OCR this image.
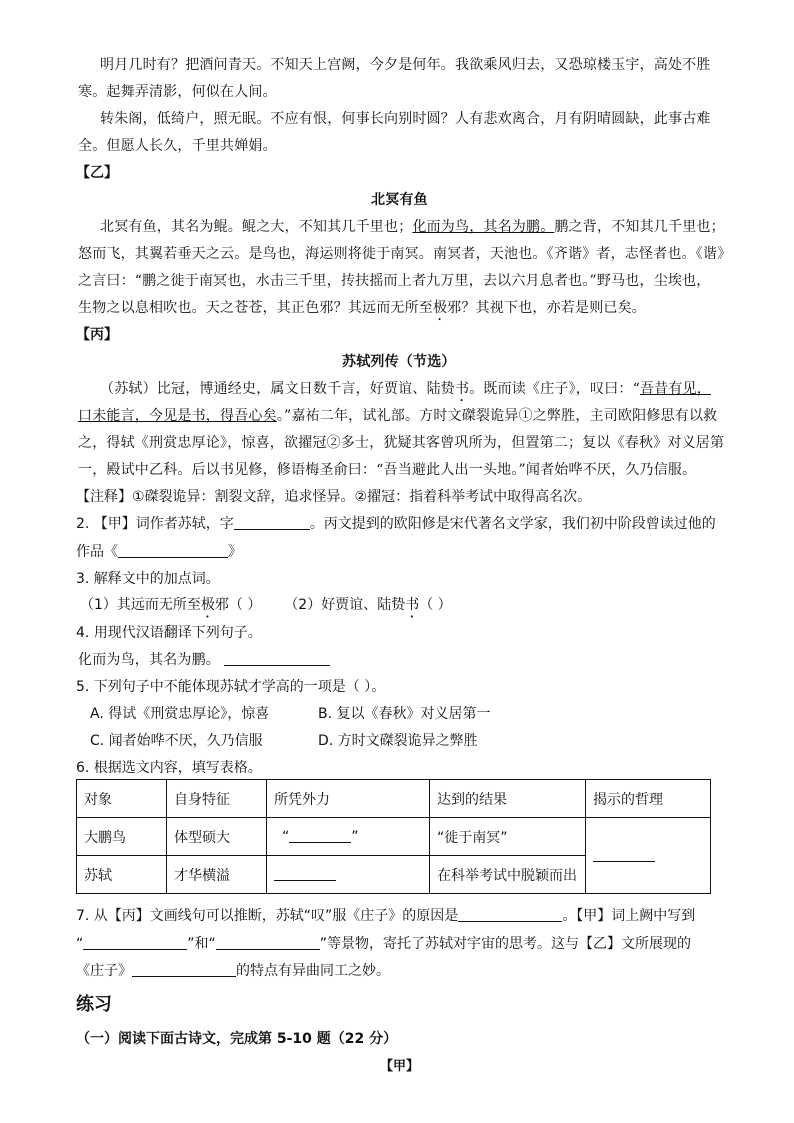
明月几时有？把酒问青天。不知天上宫阙，今夕是何年。我欲乘风归去，又恐琼楼玉宇，高处不胜
寒。起舞弄清影，何似在人间。
转朱阁，低绮户，照无眠。不应有恨，何事长向别时圆？人有悲欢离合，月有阴晴圆缺，此事古难
全。但愿人长久，千里共婵娟。
【乙】
北冥有鱼
北冥有鱼，其名为鲲。鲲之大，不知其几千里也；化而为鸟，其名为鹏。鹏之背，不知其几千里也；
怒而飞，其翼若垂天之云。是鸟也，海运则将徙于南冥。南冥者，天池也。《齐谐》者，志怪者也。《谐》
之言曰：“鹏之徙于南冥也，水击三千里，抟扶摇而上者九万里，去以六月息者也。”野马也，尘埃也，
生物之以息相吹也。天之苍苍，其正色邪？其远而无所至极邪？其视下也，亦若是则已矣。
【丙】
苏轼列传（节选）
（苏轼）比冠，博通经史，属文日数千言，好贾谊、陆贽书。既而读《庄子》，叹曰：“吾昔有见，
口未能言，今见是书，得吾心矣。”嘉祐二年，试礼部。方时文磔裂诡异①之弊胜，主司欧阳修思有以救
之，得轼《刑赏忠厚论》，惊喜，欲擢冠②多士，犹疑其客曾巩所为，但置第二；复以《春秋》对义居第
一，殿试中乙科。后以书见修，修语梅圣俞曰：“吾当避此人出一头地。”闻者始哗不厌，久乃信服。
【注释】①磔裂诡异：割裂文辞，追求怪异。②擢冠：指着科举考试中取得高名次。
2. 【甲】词作者苏轼，字	。丙文提到的欧阳修是宋代著名文学家，我们初中阶段曾读过他的
作品《	》
3. 解释文中的加点词。
（1）其远而无所至极邪（ ） （2）好贾谊、陆贽书（ ）
4. 用现代汉语翻译下列句子。
化而为鸟，其名为鹏。
5. 下列句子中不能体现苏轼才学高的一项是（ ）。
A. 得试《刑赏忠厚论》，惊喜	B. 复以《春秋》对义居第一
C. 闻者始哗不厌，久乃信服	D. 方时文磔裂诡异之弊胜
6. 根据选文内容，填写表格。
对象	自身特征	所凭外力	达到的结果	揭示的哲理
大鹏鸟	体型硕大	“ ”	“徙于南冥”	
苏轼	才华横溢		在科举考试中脱颖而出	
7. 从【丙】文画线句可以推断，苏轼“叹”服《庄子》的原因是	。【甲】词上阙中写到
“	”和“	”等景物，寄托了苏轼对宇宙的思考。这与【乙】文所展现的
《庄子》	的特点有异曲同工之妙。
练习
（一）阅读下面古诗文，完成第 5-10 题（22 分）
【甲】
